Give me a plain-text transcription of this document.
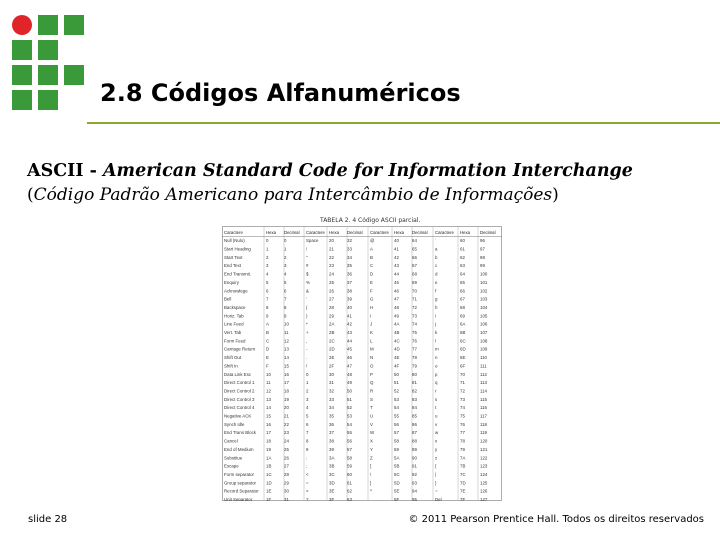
2.8 Códigos Alfanuméricos
ASCII - American Standard Code for Information Interchange
(Código Padrão Americano para Intercâmbio de Informações)
TABELA 2. 4 Código ASCII parcial.
Caractere	Hexa Decimal Caractere Hexa Decimal Caractere Hexa Decimal Caractere Hexa Decimal
Null (Nulo)	0	0	Space 20	32	@	40	64	`	60	96
Start Heading	1	1	!	21	33	A	41	65	a	61	97
Start Text	2	2	"	22	34	B	42	66	b	62	98
End Text	3	3	#	23	35	C	43	67	c	63	99
End Transmit.	4	4	$	24	36	D	44	68	d	64	100
Enquiry	5	5	%	25	37	E	45	69	e	65	101
Acknowlege	6	6	&	26	38	F	46	70	f	66	102
Bell	7	7	'	27	39	G	47	71	g	67	103
Backspace	8	8	(	28	40	H	48	72	h	68	104
Horiz. Tab	9	9	)	29	41	I	49	73	i	69	105
Line Feed	A	10	*	2A	42	J	4A	74	j	6A	106
Vert. Tab	B	11	+	2B	43	K	4B	75	k	6B	107
Form Feed	C	12	,	2C	44	L	4C	76	l	6C	108
Carriage Return D	13	-	2D	45	M	4D	77	m	6D	109
Shift Out	E	14	.	2E	46	N	4E	78	n	6E	110
Shift In	F	15	/	2F	47	O	4F	79	o	6F	111
Data Link Esc	10	16	0	30	48	P	50	80	p	70	112
Direct Control 1	11	17	1	31	49	Q	51	81	q	71	113
Direct Control 2	12	18	2	32	50	R	52	82	r	72	114
Direct Control 3	13	19	3	33	51	S	53	83	s	73	115
Direct Control 4	14	20	4	34	52	T	54	84	t	74	116
Negative ACK	15	21	5	35	53	U	55	85	u	75	117
Synch Idle	16	22	6	36	54	V	56	86	v	76	118
End Trans Block 17	23	7	37	55	W	57	87	w	77	119
Cancel	18	24	8	38	56	X	58	88	x	78	120
End of Medium	19	25	9	39	57	Y	59	89	y	79	121
Substitue	1A	26	:	3A	58	Z	5A	90	z	7A	122
Escape	1B	27	;	3B	59	[	5B	91	{	7B	123
Form separator	1C	28	<	3C	60	\	5C	92	|	7C	124
Group separator 1D	29	=	3D	61	]	5D	93	}	7D	125
Record Separator 1E	30	>	3E	62	^	5E	94	~	7E	126
Unit Separator	1F	31	?	3F	63	_	5F	95	Del	7F	127
slide 28	© 2011 Pearson Prentice Hall. Todos os direitos reservados
